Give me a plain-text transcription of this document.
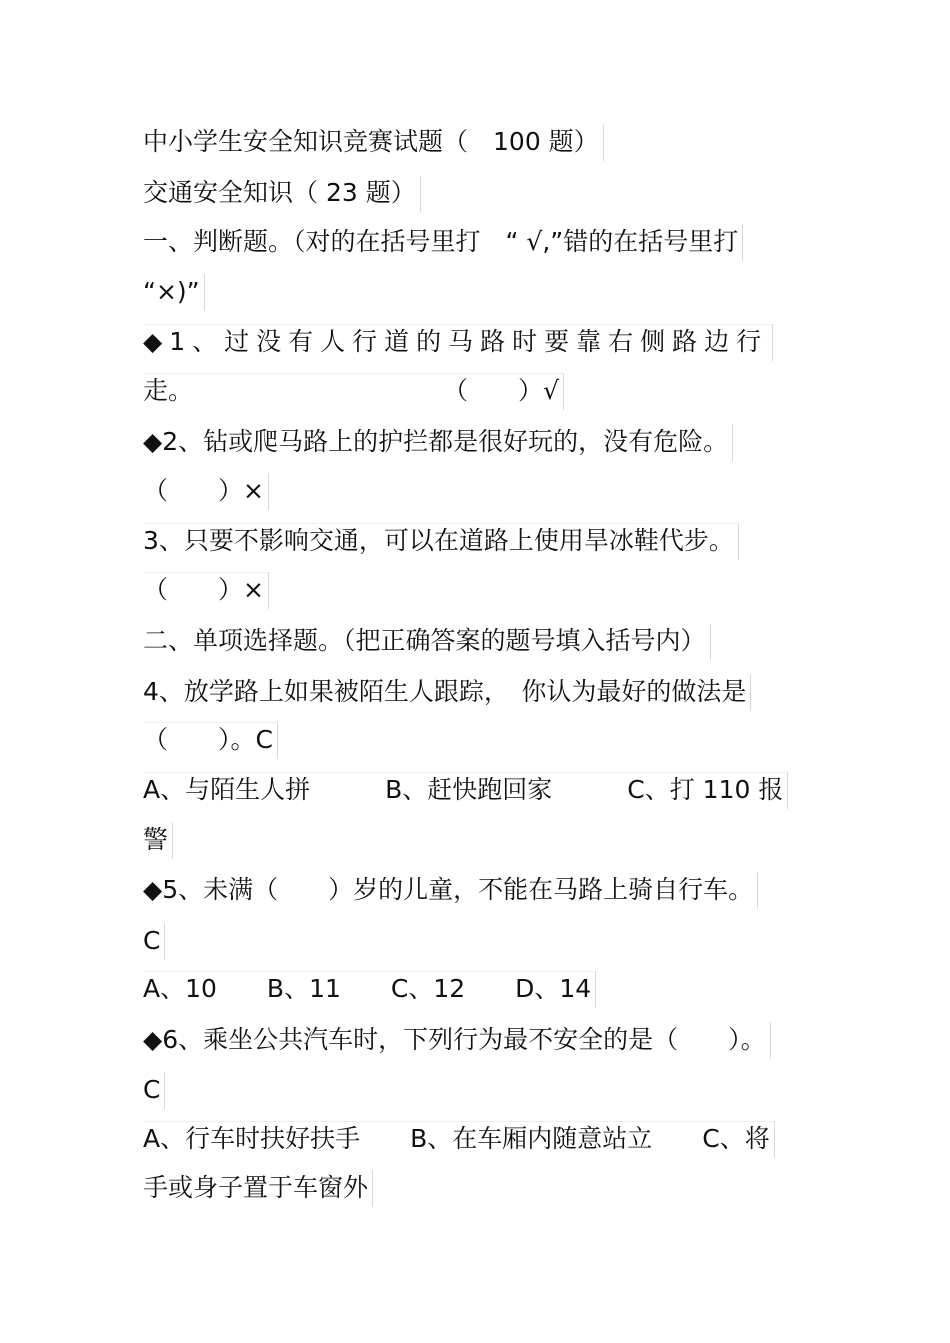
中小学生安全知识竞赛试题（　100 题）
交通安全知识（ 23 题）
一、判断题。（对的在括号里打　“ √,”错的在括号里打
“×)”
◆1、过没有人行道的马路时要靠右侧路边行
走。　　　　　　　　　　　（　　）√
◆2、钻或爬马路上的护拦都是很好玩的，没有危险。
（　　）×
3、只要不影响交通，可以在道路上使用旱冰鞋代步。
（　　）×
二、单项选择题。（把正确答案的题号填入括号内）
4、放学路上如果被陌生人跟踪，　你认为最好的做法是
（　　）。C
A、与陌生人拼　　　B、赶快跑回家　　　C、打 110 报
警
◆5、未满（　　）岁的儿童，不能在马路上骑自行车。
C
A、10　　B、11　　C、12　　D、14
◆6、乘坐公共汽车时，下列行为最不安全的是（　　）。
C
A、行车时扶好扶手　　B、在车厢内随意站立　　C、将
手或身子置于车窗外
